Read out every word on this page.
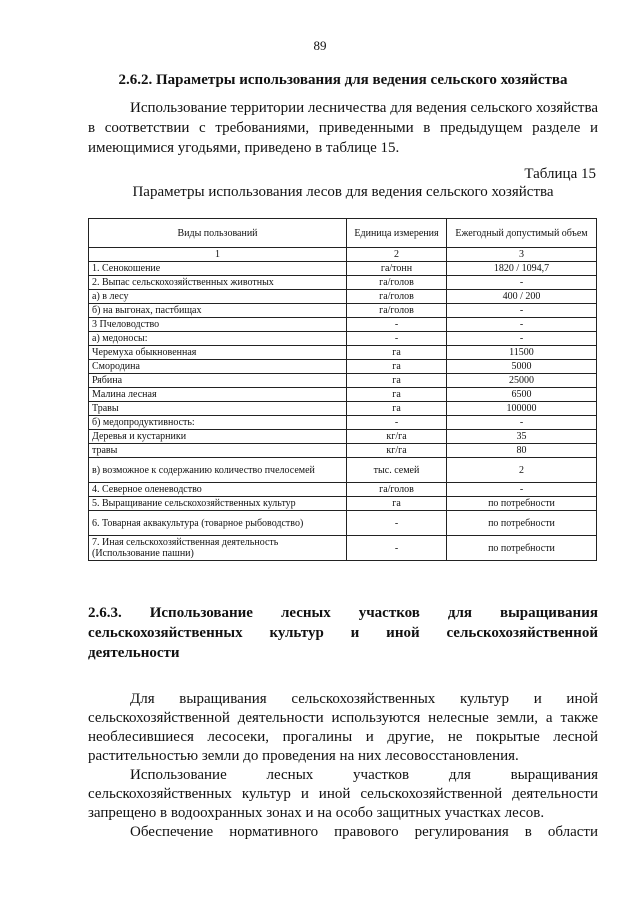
89
2.6.2. Параметры использования для ведения сельского хозяйства

Использование территории лесничества для ведения сельского хозяйства в соответствии с требованиями, приведенными в предыдущем разделе и имеющимися угодьями, приведено в таблице 15.

Таблица 15
Параметры использования лесов для ведения сельского хозяйства
Виды пользований	Единица измерения	Ежегодный допустимый объем
1	2	3
1. Сенокошение	га/тонн	1820 / 1094,7
2. Выпас сельскохозяйственных животных	га/голов	-
а) в лесу	га/голов	400 / 200
б) на выгонах, пастбищах	га/голов	-
3 Пчеловодство	-	-
а) медоносы:	-	-
Черемуха обыкновенная	га	11500
Смородина	га	5000
Рябина	га	25000
Малина лесная	га	6500
Травы	га	100000
б) медопродуктивность:	-	-
Деревья и кустарники	кг/га	35
травы	кг/га	80
в) возможное к содержанию количество пчелосемей	тыс. семей	2
4. Северное оленеводство	га/голов	-
5. Выращивание сельскохозяйственных культур	га	по потребности
6. Товарная аквакультура (товарное рыбоводство)	-	по потребности
7. Иная сельскохозяйственная деятельность (Использование пашни)	-	по потребности
2.6.3. Использование лесных участков для выращивания
сельскохозяйственных культур и иной сельскохозяйственной
деятельности

Для выращивания сельскохозяйственных культур и иной сельскохозяйственной деятельности используются нелесные земли, а также необлесившиеся лесосеки, прогалины и другие, не покрытые лесной растительностью земли до проведения на них лесовосстановления.

Использование лесных участков для выращивания сельскохозяйственных культур и иной сельскохозяйственной деятельности запрещено в водоохранных зонах и на особо защитных участках лесов.

Обеспечение нормативного правового регулирования в области
